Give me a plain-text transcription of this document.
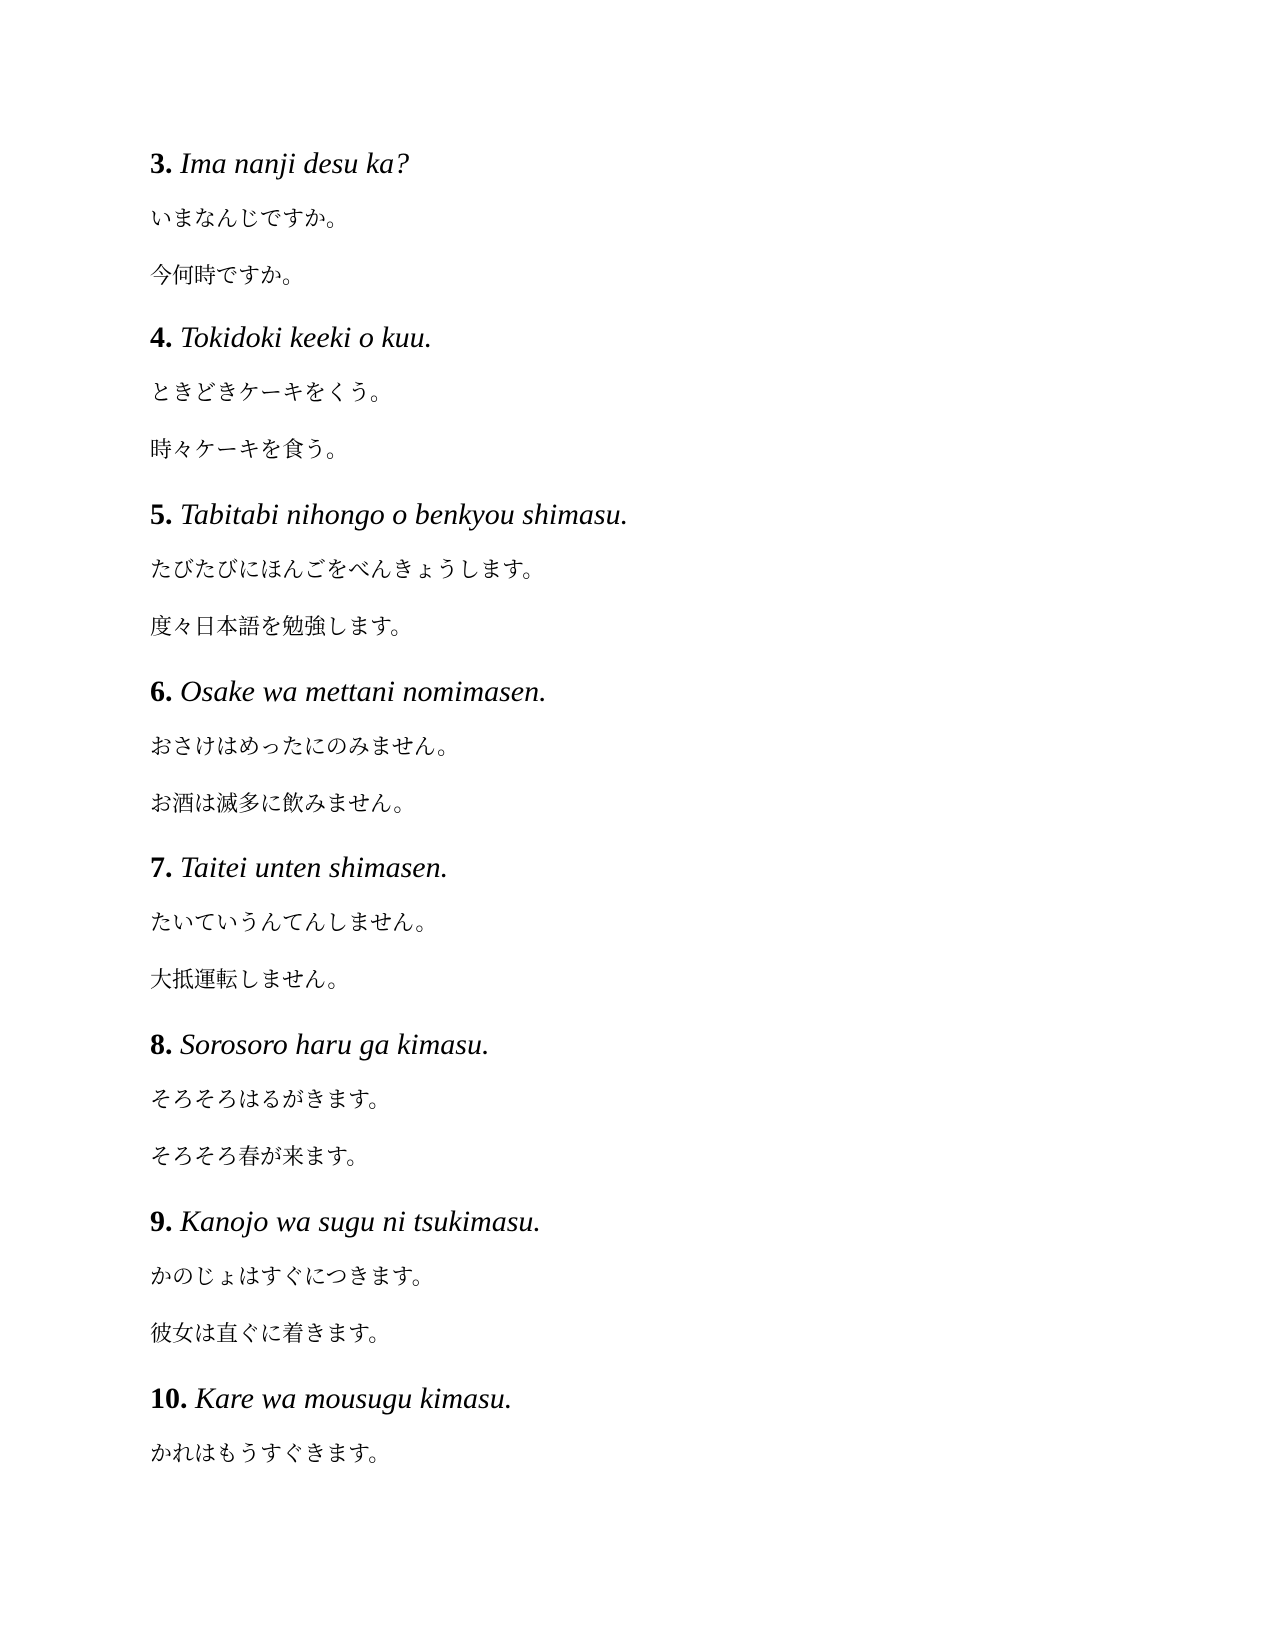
3. Ima nanji desu ka?
いまなんじですか。
今何時ですか。
4. Tokidoki keeki o kuu.
ときどきケーキをくう。
時々ケーキを食う。
5. Tabitabi nihongo o benkyou shimasu.
たびたびにほんごをべんきょうします。
度々日本語を勉強します。
6. Osake wa mettani nomimasen.
おさけはめったにのみません。
お酒は滅多に飲みません。
7. Taitei unten shimasen.
たいていうんてんしません。
大抵運転しません。
8. Sorosoro haru ga kimasu.
そろそろはるがきます。
そろそろ春が来ます。
9. Kanojo wa sugu ni tsukimasu.
かのじょはすぐにつきます。
彼女は直ぐに着きます。
10. Kare wa mousugu kimasu.
かれはもうすぐきます。
